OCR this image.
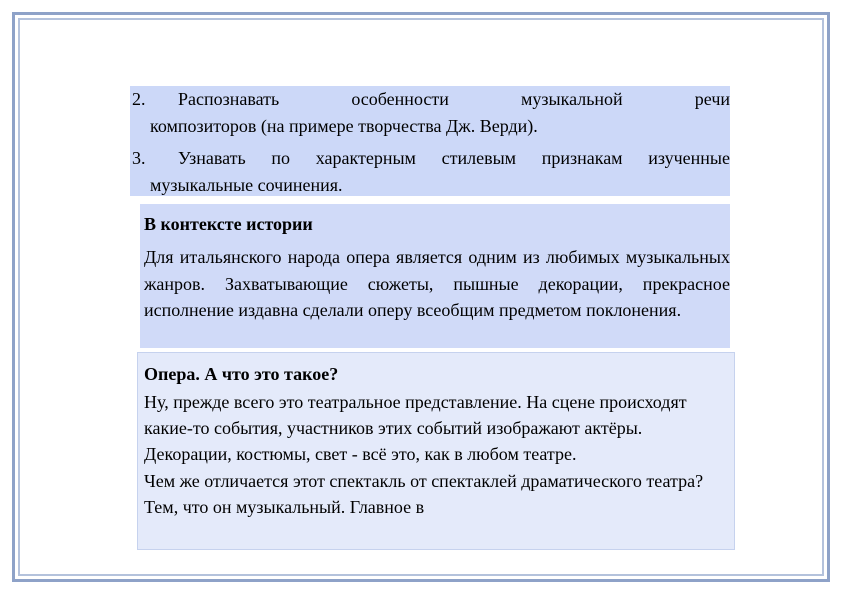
2.	Распознавать	особенности	музыкальной	речи
композиторов (на примере творчества Дж. Верди).
3.	Узнавать по характерным стилевым признакам изученные
музыкальные сочинения.
В контексте истории
Для итальянского народа опера является одним из любимых музыкальных жанров. Захватывающие сюжеты, пышные декорации, прекрасное исполнение издавна сделали оперу всеобщим предметом поклонения.
Опера. А что это такое?

Ну, прежде всего это театральное представление. На сцене происходят какие-то события, участников этих событий изображают актёры. Декорации, костюмы, свет - всё это, как в любом театре.

Чем же отличается этот спектакль от спектаклей драматического театра? Тем, что он музыкальный. Главное в
